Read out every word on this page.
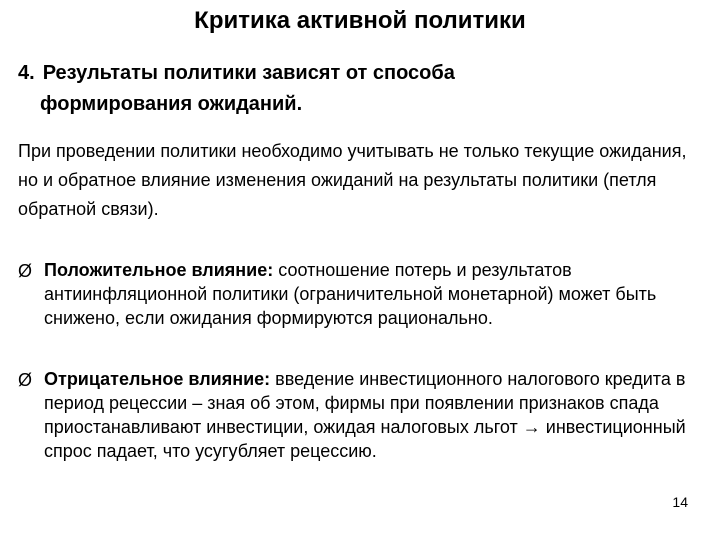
Критика активной политики
4. Результаты политики зависят от способа
формирования ожиданий.
При проведении политики необходимо учитывать не только текущие ожидания, но и обратное влияние изменения ожиданий на результаты политики (петля обратной связи).
Ø Положительное влияние: соотношение потерь и результатов антиинфляционной политики (ограничительной монетарной) может быть снижено, если ожидания формируются рационально.
Ø Отрицательное влияние: введение инвестиционного налогового кредита в период рецессии – зная об этом, фирмы при появлении признаков спада приостанавливают инвестиции, ожидая налоговых льгот → инвестиционный спрос падает, что усугубляет рецессию.
14
